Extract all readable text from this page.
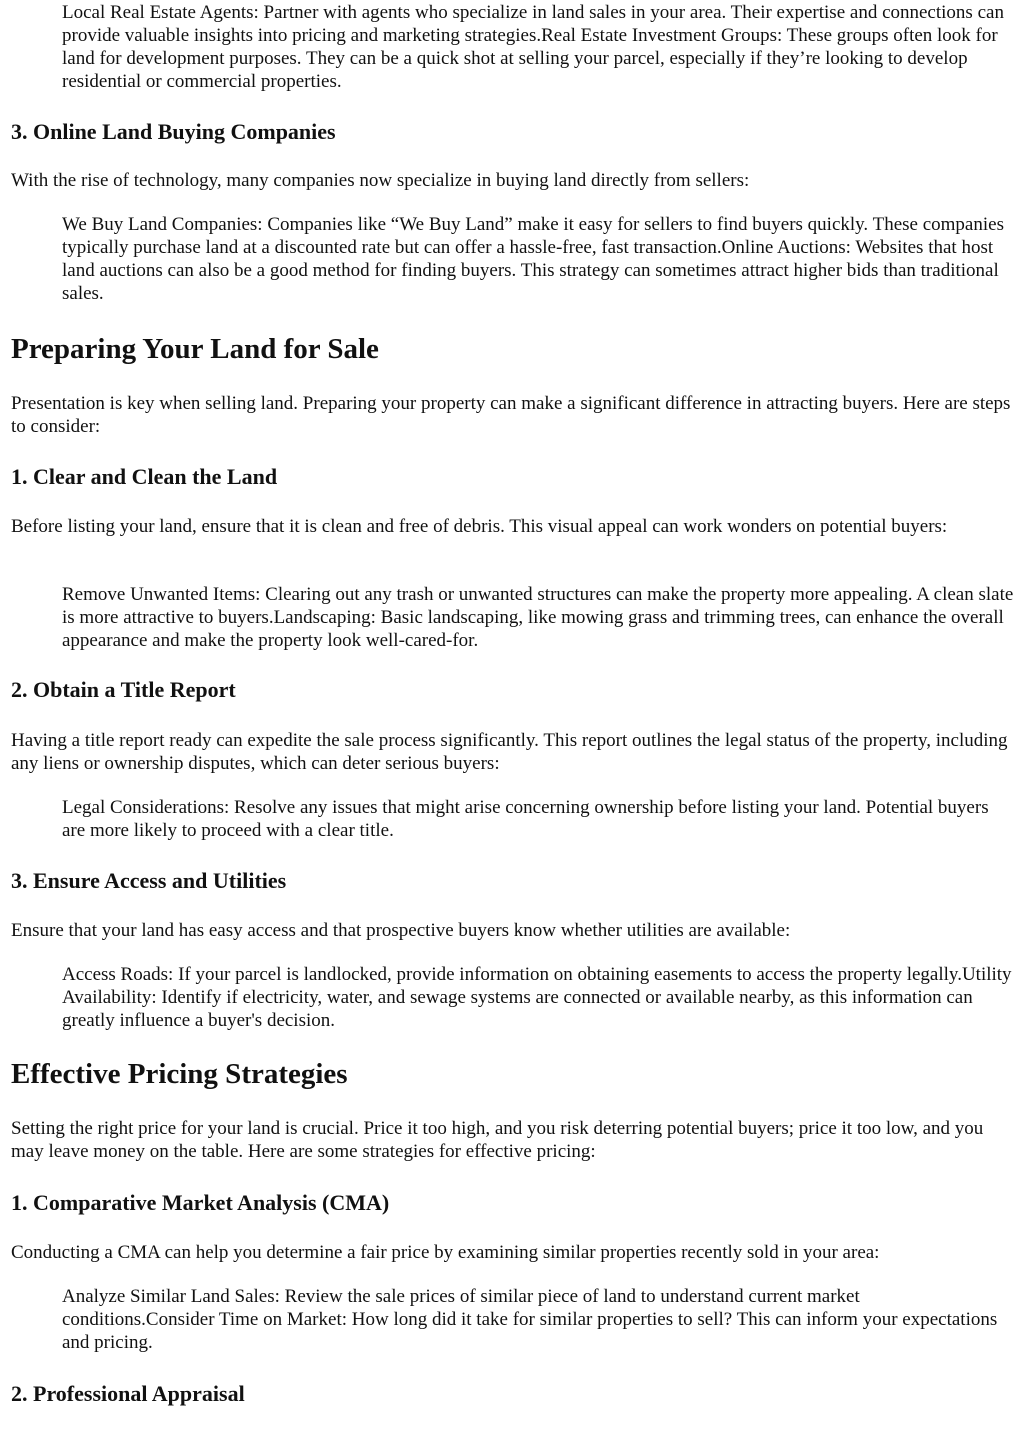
Local Real Estate Agents: Partner with agents who specialize in land sales in your area. Their expertise and connections can provide valuable insights into pricing and marketing strategies.Real Estate Investment Groups: These groups often look for land for development purposes. They can be a quick shot at selling your parcel, especially if they’re looking to develop residential or commercial properties.

3. Online Land Buying Companies

With the rise of technology, many companies now specialize in buying land directly from sellers:

We Buy Land Companies: Companies like “We Buy Land” make it easy for sellers to find buyers quickly. These companies typically purchase land at a discounted rate but can offer a hassle-free, fast transaction.Online Auctions: Websites that host land auctions can also be a good method for finding buyers. This strategy can sometimes attract higher bids than traditional sales.

Preparing Your Land for Sale

Presentation is key when selling land. Preparing your property can make a significant difference in attracting buyers. Here are steps to consider:

1. Clear and Clean the Land

Before listing your land, ensure that it is clean and free of debris. This visual appeal can work wonders on potential buyers:

Remove Unwanted Items: Clearing out any trash or unwanted structures can make the property more appealing. A clean slate is more attractive to buyers.Landscaping: Basic landscaping, like mowing grass and trimming trees, can enhance the overall appearance and make the property look well-cared-for.

2. Obtain a Title Report

Having a title report ready can expedite the sale process significantly. This report outlines the legal status of the property, including any liens or ownership disputes, which can deter serious buyers:

Legal Considerations: Resolve any issues that might arise concerning ownership before listing your land. Potential buyers are more likely to proceed with a clear title.

3. Ensure Access and Utilities

Ensure that your land has easy access and that prospective buyers know whether utilities are available:

Access Roads: If your parcel is landlocked, provide information on obtaining easements to access the property legally.Utility Availability: Identify if electricity, water, and sewage systems are connected or available nearby, as this information can greatly influence a buyer's decision.

Effective Pricing Strategies

Setting the right price for your land is crucial. Price it too high, and you risk deterring potential buyers; price it too low, and you may leave money on the table. Here are some strategies for effective pricing:

1. Comparative Market Analysis (CMA)

Conducting a CMA can help you determine a fair price by examining similar properties recently sold in your area:

Analyze Similar Land Sales: Review the sale prices of similar piece of land to understand current market conditions.Consider Time on Market: How long did it take for similar properties to sell? This can inform your expectations and pricing.

2. Professional Appraisal
